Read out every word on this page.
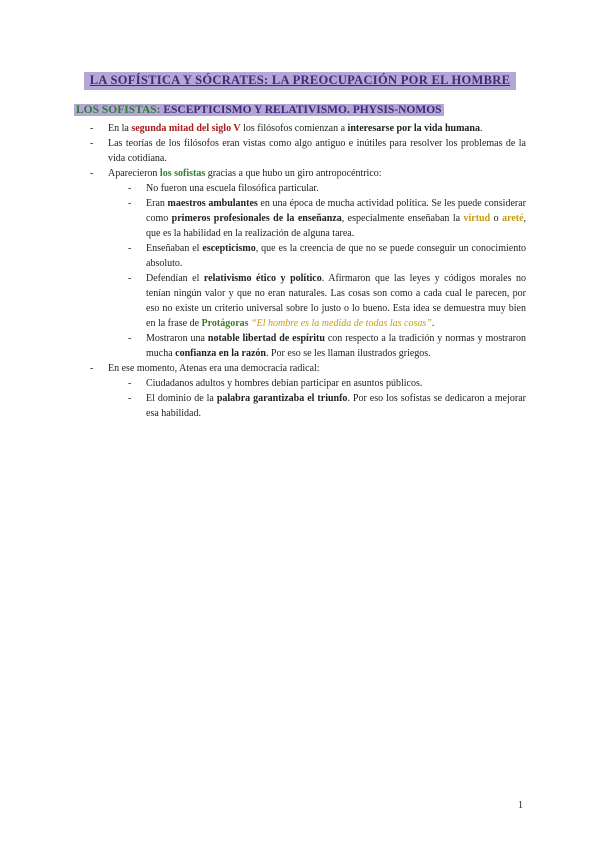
LA SOFÍSTICA Y SÓCRATES: LA PREOCUPACIÓN POR EL HOMBRE
LOS SOFISTAS: ESCEPTICISMO Y RELATIVISMO. PHYSIS-NOMOS

- En la segunda mitad del siglo V los filósofos comienzan a interesarse por la vida humana.

- Las teorías de los filósofos eran vistas como algo antiguo e inútiles para resolver los problemas de la vida cotidiana.

- Aparecieron los sofistas gracias a que hubo un giro antropocéntrico:

- No fueron una escuela filosófica particular.

- Eran maestros ambulantes en una época de mucha actividad política. Se les puede considerar como primeros profesionales de la enseñanza, especialmente enseñaban la virtud o areté, que es la habilidad en la realización de alguna tarea.

- Enseñaban el escepticismo, que es la creencia de que no se puede conseguir un conocimiento absoluto.

- Defendían el relativismo ético y político. Afirmaron que las leyes y códigos morales no tenían ningún valor y que no eran naturales. Las cosas son como a cada cual le parecen, por eso no existe un criterio universal sobre lo justo o lo bueno. Esta idea se demuestra muy bien en la frase de Protágoras “El hombre es la medida de todas las cosas”.

- Mostraron una notable libertad de espíritu con respecto a la tradición y normas y mostraron mucha confianza en la razón. Por eso se les llaman ilustrados griegos.

- En ese momento, Atenas era una democracia radical:

- Ciudadanos adultos y hombres debían participar en asuntos públicos.

- El dominio de la palabra garantizaba el triunfo. Por eso los sofistas se dedicaron a mejorar esa habilidad.

1
